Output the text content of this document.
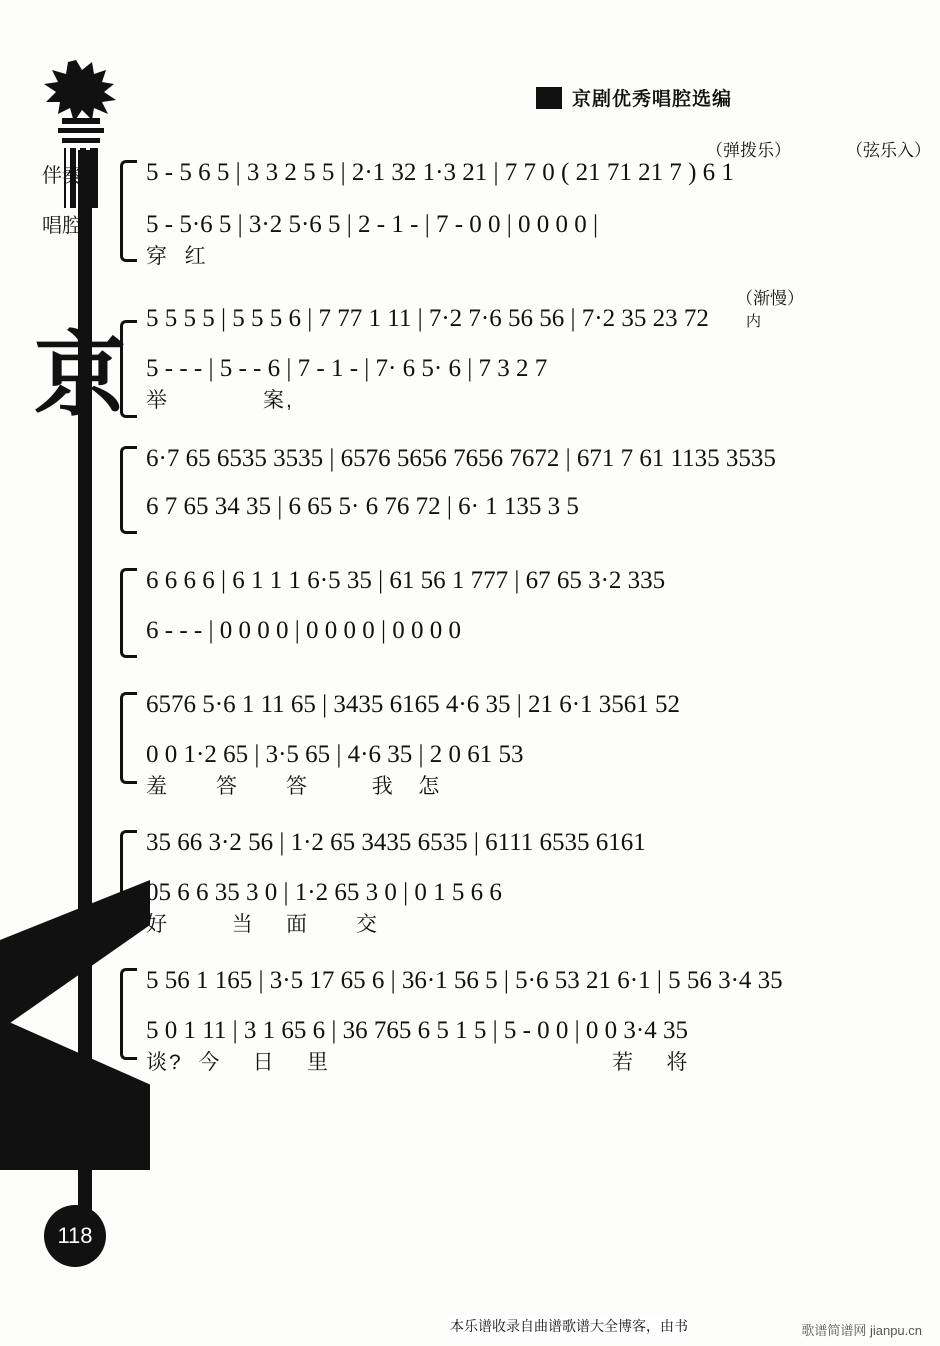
京
118
京剧优秀唱腔选编
（弹拨乐）	（弦乐入）
伴奏	5 - 5 6 5 | 3 3 2 5 5 | 2·1 32 1·3 21 | 7 7 0 ( 21 71 21 7 ) 6 1
唱腔	5 - 5·6 5 | 3·2 5·6 5 | 2 - 1 - | 7 - 0 0 | 0 0 0 0 |
穿  红
（渐慢）
内
5 5 5 5 | 5 5 5 6 | 7 77 1 11 | 7·2 7·6 56 56 | 7·2 35 23 72
5 - - - | 5 - - 6 | 7 - 1 - | 7· 6 5· 6 | 7 3 2 7
举            案,
6·7 65 6535 3535 | 6576 5656 7656 7672 | 671 7 61 1135 3535
6 7 65 34 35 | 6 65 5· 6 76 72 | 6· 1 135 3 5
6 6 6 6 | 6 1 1 1 6·5 35 | 61 56 1 777 | 67 65 3·2 335
6 - - - | 0 0 0 0 | 0 0 0 0 | 0 0 0 0
6576 5·6 1 11 65 | 3435 6165 4·6 35 | 21 6·1 3561 52
0 0 1·2 65 | 3·5 65 | 4·6 35 | 2 0 61 53
羞      答      答        我   怎
35 66 3·2 56 | 1·2 65 3435 6535 | 6111 6535 6161
05 6 6 35 3 0 | 1·2 65 3 0 | 0 1 5 6 6
好        当    面      交
5 56 1 165 | 3·5 17 65 6 | 36·1 56 5 | 5·6 53 21 6·1 | 5 56 3·4 35
5 0 1 11 | 3 1 65 6 | 36 765 6 5 1 5 | 5 - 0 0 | 0 0 3·4 35
谈?  今    日    里                                    若    将
本乐谱收录自曲谱歌谱大全博客，由书	歌谱简谱网 jianpu.cn
